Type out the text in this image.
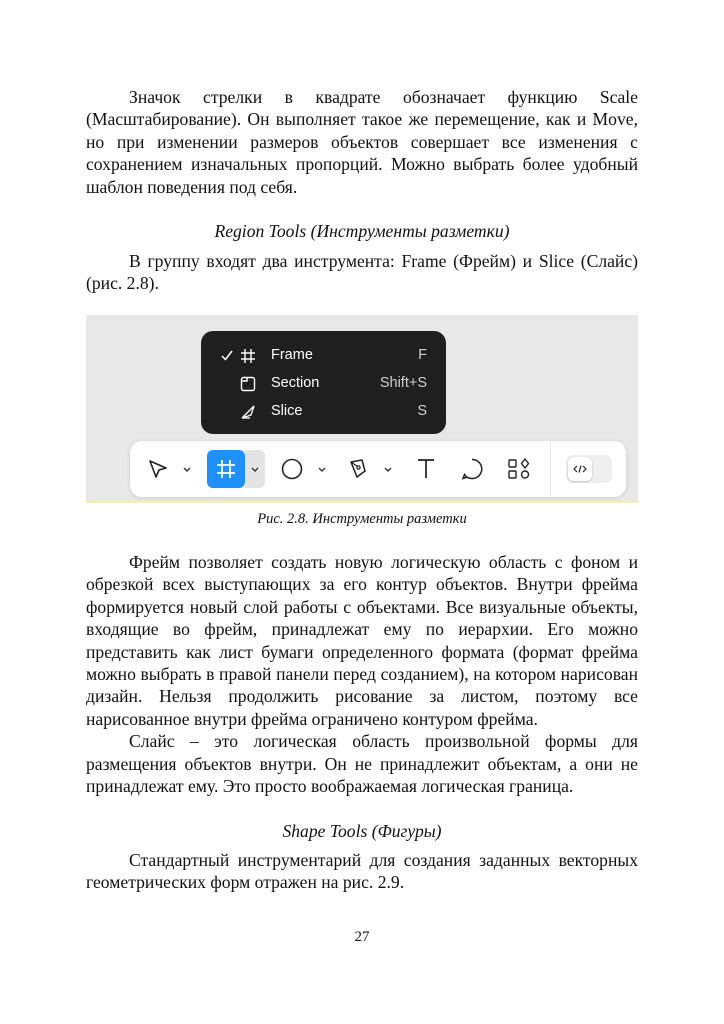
Значок стрелки в квадрате обозначает функцию Scale (Масштабирование). Он выполняет такое же перемещение, как и Move, но при изменении размеров объектов совершает все изменения с сохранением изначальных пропорций. Можно выбрать более удобный шаблон поведения под себя.

Region Tools (Инструменты разметки)

В группу входят два инструмента: Frame (Фрейм) и Slice (Слайс) (рис. 2.8).

Frame	F
Section	Shift+S
Slice	S
Рис. 2.8. Инструменты разметки

Фрейм позволяет создать новую логическую область с фоном и обрезкой всех выступающих за его контур объектов. Внутри фрейма формируется новый слой работы с объектами. Все визуальные объекты, входящие во фрейм, принадлежат ему по иерархии. Его можно представить как лист бумаги определенного формата (формат фрейма можно выбрать в правой панели перед созданием), на котором нарисован дизайн. Нельзя продолжить рисование за листом, поэтому все нарисованное внутри фрейма ограничено контуром фрейма.

Слайс – это логическая область произвольной формы для размещения объектов внутри. Он не принадлежит объектам, а они не принадлежат ему. Это просто воображаемая логическая граница.

Shape Tools (Фигуры)

Стандартный инструментарий для создания заданных векторных геометрических форм отражен на рис. 2.9.

27
